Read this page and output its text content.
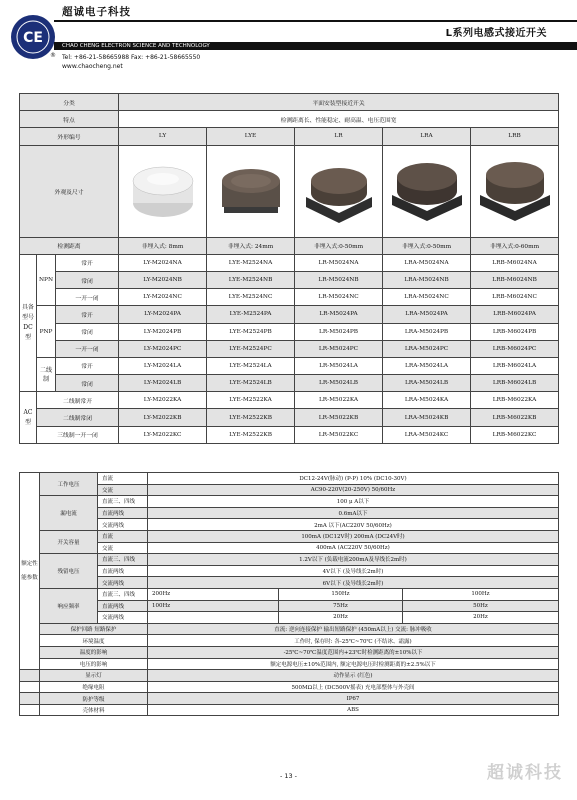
CE
®
超诚电子科技
L系列电感式接近开关
CHAO CHENG ELECTRON SCIENCE AND TECHNOLOGY
Tel: +86-21-58665988 Fax: +86-21-58665550
www.chaocheng.net
分类			平面安装型接近开关				
特点			检测距离长、性能稳定、耐高温、电压范围宽				
外形编号			LY	LYE	LR	LRA	LRB
外观及尺寸	

检测距离			非埋入式: 8mm	非埋入式: 24mm	非埋入式:0-50mm	非埋入式:0-50mm	非埋入式:0-60mm
具备型号DC型	NPN	常开	LY-M2024NA	LYE-M2524NA	LR-M5024NA	LRA-M5024NA	LRB-M6024NA
		常闭	LY-M2024NB	LYE-M2524NB	LR-M5024NB	LRA-M5024NB	LRB-M6024NB
		一开一闭	LY-M2024NC	LYE-M2524NC	LR-M5024NC	LRA-M5024NC	LRB-M6024NC
	PNP	常开	LY-M2024PA	LYE-M2524PA	LR-M5024PA	LRA-M5024PA	LRB-M6024PA
		常闭	LY-M2024PB	LYE-M2524PB	LR-M5024PB	LRA-M5024PB	LRB-M6024PB
		一开一闭	LY-M2024PC	LYE-M2524PC	LR-M5024PC	LRA-M5024PC	LRB-M6024PC
	二线制	常开	LY-M2024LA	LYE-M2524LA	LR-M5024LA	LRA-M5024LA	LRB-M6024LA
		常闭	LY-M2024LB	LYE-M2524LB	LR-M5024LB	LRA-M5024LB	LRB-M6024LB
AC型	二线制常开		LY-M2022KA	LYE-M2522KA	LR-M5022KA	LRA-M5024KA	LRB-M6022KA
	二线制常闭		LY-M2022KB	LYE-M2522KB	LR-M5022KB	LRA-M5024KB	LRB-M6022KB
	三线制一开一闭		LY-M2022KC	LYE-M2522KB	LR-M5022KC	LRA-M5024KC	LRB-M6022KC
额定性能参数	工作电压	直流	DC12-24V(脉动) (P-P) 10% (DC10-30V)		
		交流	AC90-220V(20-250V) 50/60Hz		
	漏电流	直流三、四线	100 μ A以下		
		直流两线	0.6mA以下		
		交流两线	2mA 以下(AC220V 50/60Hz)		
	开关容量	直流	100mA (DC12V时) 200mA (DC24V时)		
		交流	400mA (AC220V 50/60Hz)		
	残留电压	直流三、四线	1.2V以下 (负载电流200mA及导线长2m时)		
		直流两线	4V以下 (及导线长2m时)		
		交流两线	6V以下 (及导线长2m时)		
	响应频率	直流三、四线	200Hz	150Hz	100Hz
		直流两线	100Hz	75Hz	50Hz
		交流两线		20Hz	20Hz
	保护回路 短路保护		直流: 逆向连接保护 输出短路保护 (450mA以上) 交流: 脉冲吸收		
	环境温度		工作时, 保存时: 各-25℃~70℃ (不结冰、霜露)		
	温度的影响		-25℃~70℃温度范围内+23℃时检测距离的±10%以下		
	电压的影响		额定电源电压±10%范围内, 额定电源电压时检测距离的±2.5%以下		
	显示灯		动作显示 (红色)		
	绝缘电阻		500MΩ以上 (DC500V摇表) 充电部整体与外壳间		
	防护等级		IP67		
	壳体材料		ABS		
- 13 -	超诚科技
